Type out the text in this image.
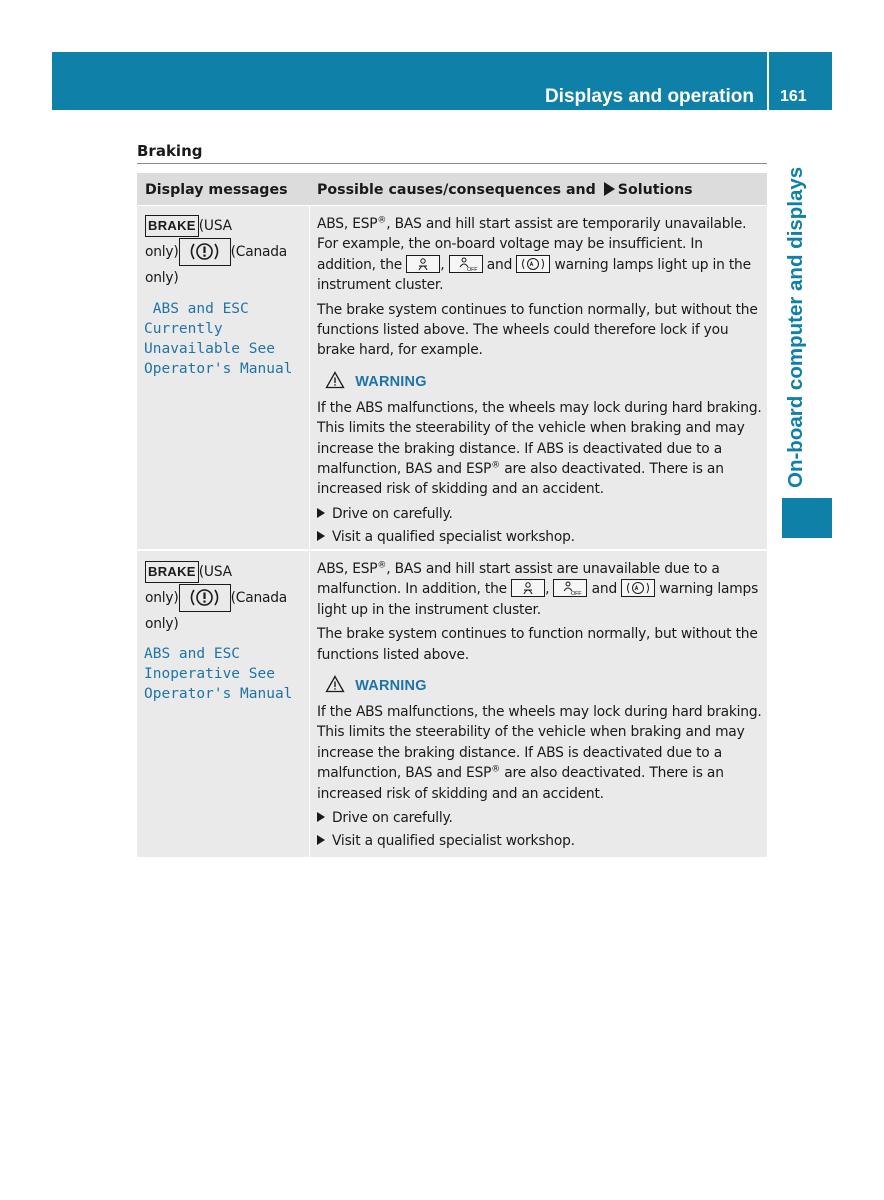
Displays and operation 161
On-board computer and displays
Braking
Display messages Possible causes/consequences and Solutions
BRAKE (USA
only)	(Canada
only)
ABS and ESC
Currently
Unavailable See
Operator's Manual

ABS, ESP®, BAS and hill start assist are temporarily unavailable. For example, the on-board voltage may be insufficient. In addition, the	,	OFF and	warning lamps light up in the instrument cluster.

The brake system continues to function normally, but without the functions listed above. The wheels could therefore lock if you brake hard, for example.

WARNING

If the ABS malfunctions, the wheels may lock during hard braking. This limits the steerability of the vehicle when braking and may increase the braking distance. If ABS is deactivated due to a malfunction, BAS and ESP® are also deactivated. There is an increased risk of skidding and an accident.

Drive on carefully.

Visit a qualified specialist workshop.

BRAKE (USA
only)	(Canada
only)
ABS and ESC
Inoperative See
Operator's Manual

ABS, ESP®, BAS and hill start assist are unavailable due to a malfunction. In addition, the	,	OFF and	warning lamps light up in the instrument cluster.

The brake system continues to function normally, but without the functions listed above.

WARNING

If the ABS malfunctions, the wheels may lock during hard braking. This limits the steerability of the vehicle when braking and may increase the braking distance. If ABS is deactivated due to a malfunction, BAS and ESP® are also deactivated. There is an increased risk of skidding and an accident.

Drive on carefully.

Visit a qualified specialist workshop.
